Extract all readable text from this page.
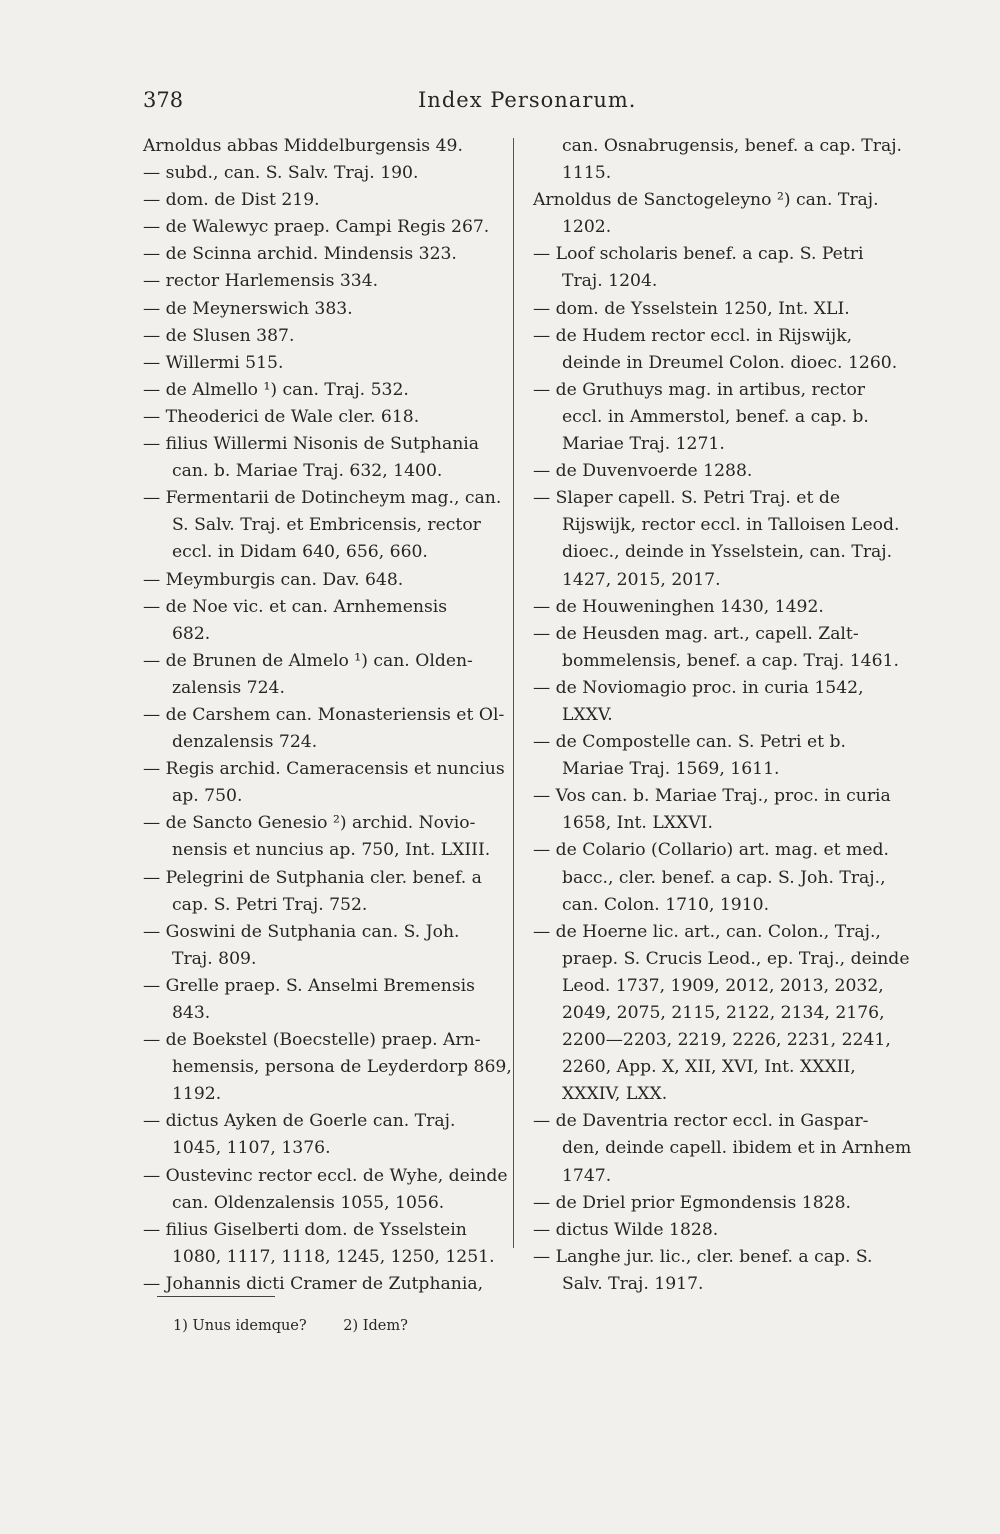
378	Index Personarum.
Arnoldus abbas Middelburgensis 49.
— subd., can. S. Salv. Traj. 190.
— dom. de Dist 219.
— de Walewyc praep. Campi Regis 267.
— de Scinna archid. Mindensis 323.
— rector Harlemensis 334.
— de Meynerswich 383.
— de Slusen 387.
— Willermi 515.
— de Almello ¹) can. Traj. 532.
— Theoderici de Wale cler. 618.
— filius Willermi Nisonis de Sutphania
can. b. Mariae Traj. 632, 1400.
— Fermentarii de Dotincheym mag., can.
S. Salv. Traj. et Embricensis, rector
eccl. in Didam 640, 656, 660.
— Meymburgis can. Dav. 648.
— de Noe vic. et can. Arnhemensis
682.
— de Brunen de Almelo ¹) can. Olden-
zalensis 724.
— de Carshem can. Monasteriensis et Ol-
denzalensis 724.
— Regis archid. Cameracensis et nuncius
ap. 750.
— de Sancto Genesio ²) archid. Novio-
nensis et nuncius ap. 750, Int. LXIII.
— Pelegrini de Sutphania cler. benef. a
cap. S. Petri Traj. 752.
— Goswini de Sutphania can. S. Joh.
Traj. 809.
— Grelle praep. S. Anselmi Bremensis
843.
— de Boekstel (Boecstelle) praep. Arn-
hemensis, persona de Leyderdorp 869,
1192.
— dictus Ayken de Goerle can. Traj.
1045, 1107, 1376.
— Oustevinc rector eccl. de Wyhe, deinde
can. Oldenzalensis 1055, 1056.
— filius Giselberti dom. de Ysselstein
1080, 1117, 1118, 1245, 1250, 1251.
— Johannis dicti Cramer de Zutphania,
can. Osnabrugensis, benef. a cap. Traj.
1115.
Arnoldus de Sanctogeleyno ²) can. Traj.
1202.
— Loof scholaris benef. a cap. S. Petri
Traj. 1204.
— dom. de Ysselstein 1250, Int. XLI.
— de Hudem rector eccl. in Rijswijk,
deinde in Dreumel Colon. dioec. 1260.
— de Gruthuys mag. in artibus, rector
eccl. in Ammerstol, benef. a cap. b.
Mariae Traj. 1271.
— de Duvenvoerde 1288.
— Slaper capell. S. Petri Traj. et de
Rijswijk, rector eccl. in Talloisen Leod.
dioec., deinde in Ysselstein, can. Traj.
1427, 2015, 2017.
— de Houweninghen 1430, 1492.
— de Heusden mag. art., capell. Zalt-
bommelensis, benef. a cap. Traj. 1461.
— de Noviomagio proc. in curia 1542,
LXXV.
— de Compostelle can. S. Petri et b.
Mariae Traj. 1569, 1611.
— Vos can. b. Mariae Traj., proc. in curia
1658, Int. LXXVI.
— de Colario (Collario) art. mag. et med.
bacc., cler. benef. a cap. S. Joh. Traj.,
can. Colon. 1710, 1910.
— de Hoerne lic. art., can. Colon., Traj.,
praep. S. Crucis Leod., ep. Traj., deinde
Leod. 1737, 1909, 2012, 2013, 2032,
2049, 2075, 2115, 2122, 2134, 2176,
2200—2203, 2219, 2226, 2231, 2241,
2260, App. X, XII, XVI, Int. XXXII,
XXXIV, LXX.
— de Daventria rector eccl. in Gaspar-
den, deinde capell. ibidem et in Arnhem
1747.
— de Driel prior Egmondensis 1828.
— dictus Wilde 1828.
— Langhe jur. lic., cler. benef. a cap. S.
Salv. Traj. 1917.
1) Unus idemque?	2) Idem?
